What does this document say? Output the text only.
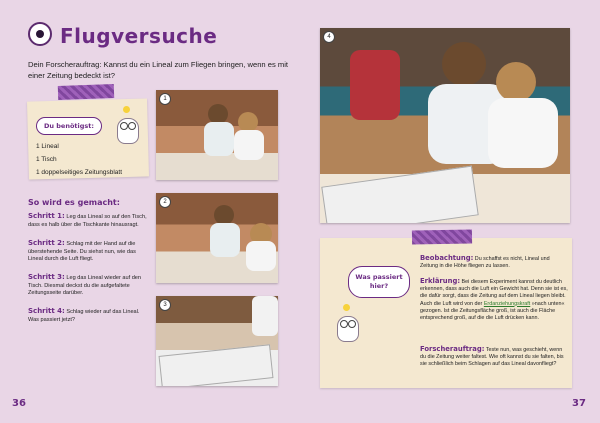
Flugversuche
Dein Forscherauftrag: Kannst du ein Lineal zum Fliegen bringen, wenn es mit einer Zeitung bedeckt ist?
Du benötigst:
1 Lineal
1 Tisch
1 doppelseitiges Zeitungsblatt
So wird es gemacht:
Schritt 1: Leg das Lineal so auf den Tisch, dass es halb über die Tischkante hinausragt.
Schritt 2: Schlag mit der Hand auf die überstehende Seite. Du siehst nun, wie das Lineal durch die Luft fliegt.
Schritt 3: Leg das Lineal wieder auf den Tisch. Diesmal deckst du die aufgefaltete Zeitungsseite darüber.
Schritt 4: Schlag wieder auf das Lineal. Was passiert jetzt?
1
2
3
4
Was passiert
hier?
Beobachtung: Du schaffst es nicht, Lineal und Zeitung in die Höhe fliegen zu lassen.
Erklärung: Bei diesem Experiment kannst du deutlich erkennen, dass auch die Luft ein Gewicht hat. Denn sie ist es, die dafür sorgt, dass die Zeitung auf dem Lineal liegen bleibt. Auch die Luft wird von der Erdanziehungskraft »nach unten« gezogen. Ist die Zeitungsfläche groß, ist auch die Fläche entsprechend groß, auf die die Luft drücken kann.
Forscherauftrag: Teste nun, was geschieht, wenn du die Zeitung weiter faltest. Wie oft kannst du sie falten, bis sie schließlich beim Schlagen auf das Lineal davonfliegt?
36	37
